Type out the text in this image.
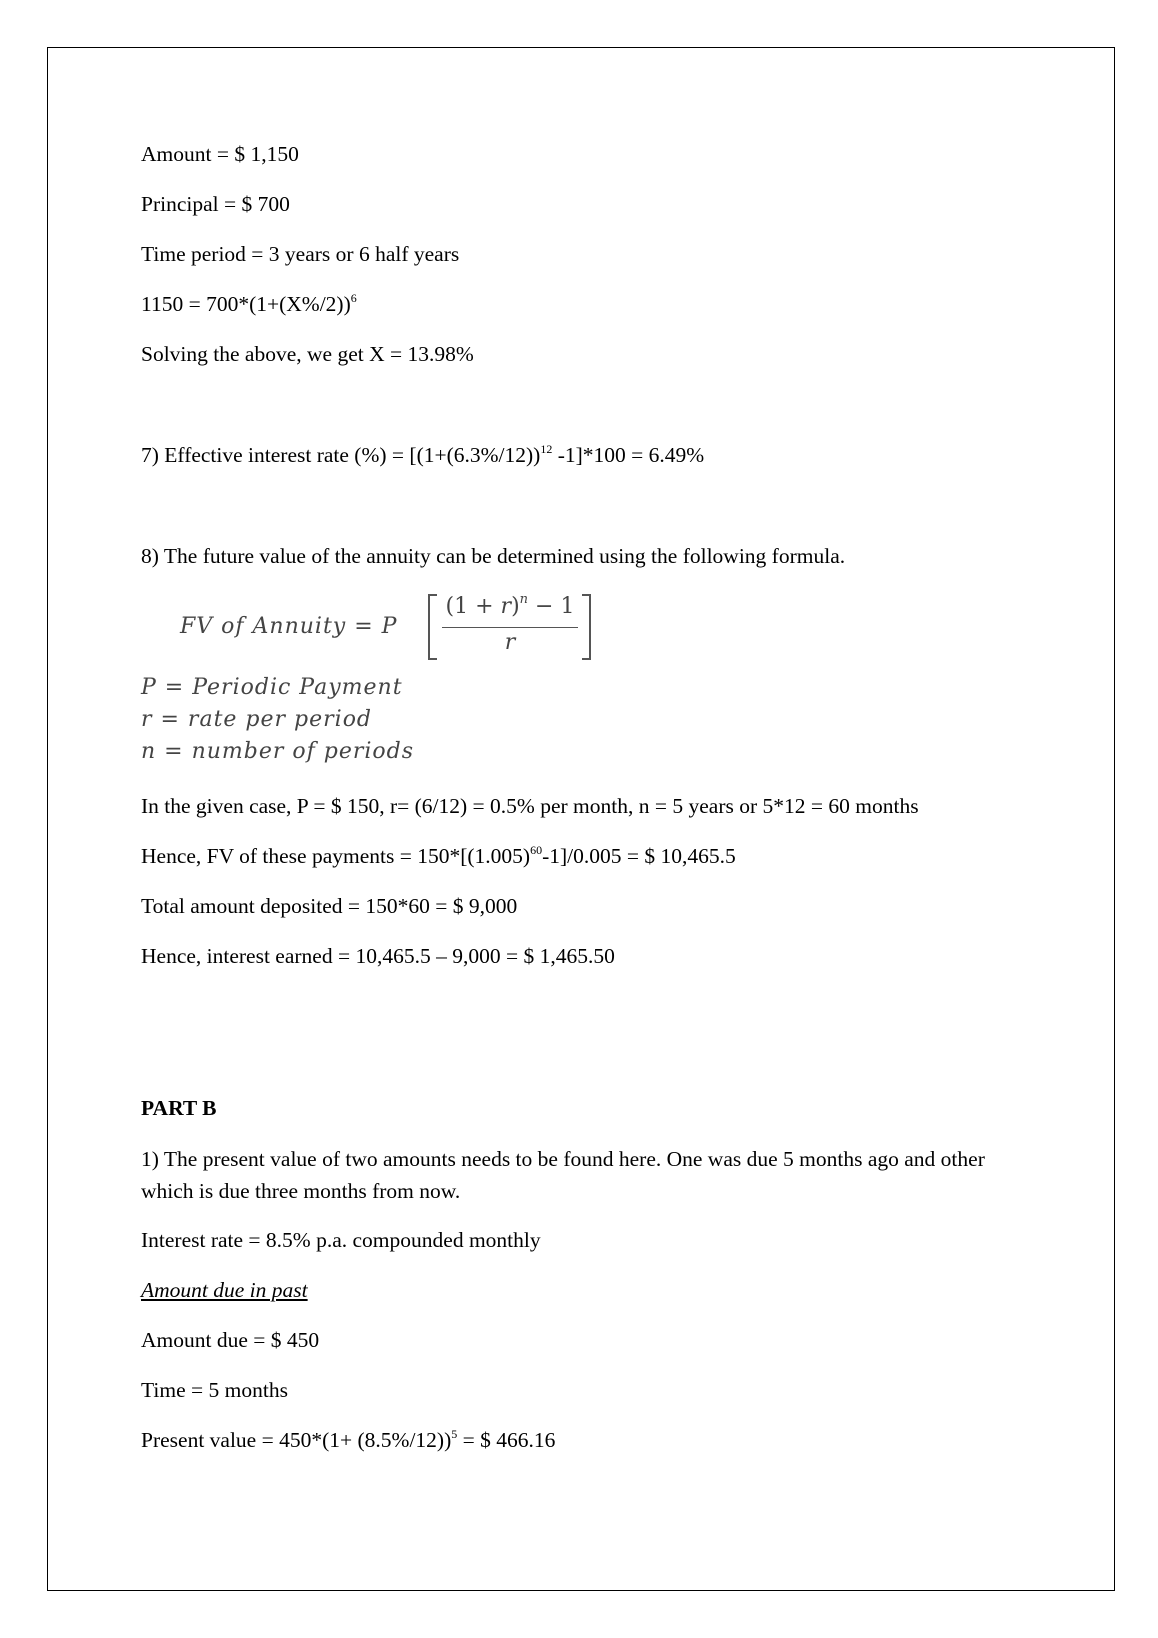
Amount = $ 1,150
Principal = $ 700
Time period = 3 years or 6 half years
$1150 = 700*(1+(X\%/2))^6$
Solving the above, we get X = 13.98%
7) Effective interest rate (%) = [$(1+(6.3\%/12))^{12}$ -1]*100 = 6.49%
8) The future value of the annuity can be determined using the following formula.
FV of Annuity = P
$(1 + r)^n - 1$
r
P = Periodic Payment
r = rate per period
n = number of periods
In the given case, P = $ 150, r= (6/12) = 0.5% per month, n = 5 years or 5*12 = 60 months
Hence, FV of these payments = $150*[(1.005)^{60}-1]/0.005$ = $ 10,465.5
Total amount deposited = 150*60 = $ 9,000
Hence, interest earned = 10,465.5 – 9,000 = $ 1,465.50
PART B
1) The present value of two amounts needs to be found here. One was due 5 months ago and other which is due three months from now.
Interest rate = 8.5% p.a. compounded monthly
Amount due in past
Amount due = $ 450
Time = 5 months
Present value = $450*(1+ (8.5\%/12))^5$ = $ 466.16
